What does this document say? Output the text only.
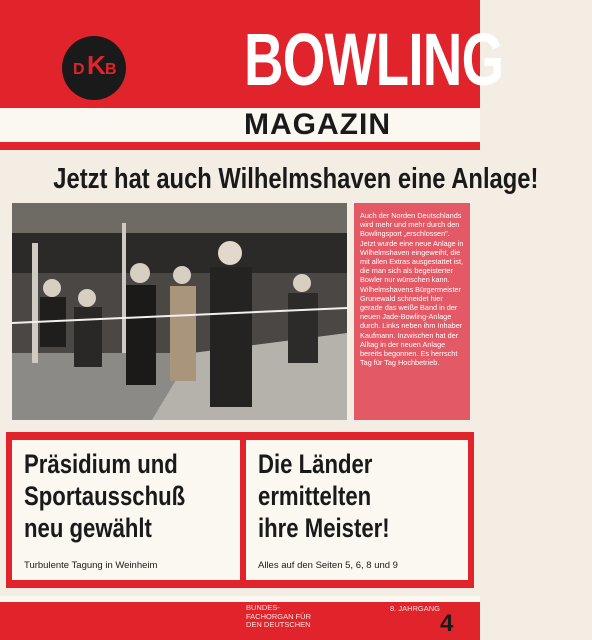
D K B BOWLING
MAGAZIN
Jetzt hat auch Wilhelmshaven eine Anlage!

Auch der Norden Deutschlands wird mehr und mehr durch den Bowlingsport „erschlossen". Jetzt wurde eine neue Anlage in Wilhelmshaven eingeweiht, die mit allen Extras ausgestattet ist, die man sich als begeisterter Bowler nur wünschen kann. Wilhelmshavens Bürgermeister Grunewald schneidet hier gerade das weiße Band in der neuen Jade-Bowling-Anlage durch. Links neben ihm Inhaber Kaufmann. Inzwischen hat der Alltag in der neuen Anlage bereits begonnen. Es herrscht Tag für Tag Hochbetrieb.

Präsidium und
Sportausschuß
neu gewählt
Turbulente Tagung in Weinheim
Die Länder
ermittelten
ihre Meister!
Alles auf den Seiten 5, 6, 8 und 9
BUNDES-
FACHORGAN FÜR
DEN DEUTSCHEN
8. JAHRGANG
4
